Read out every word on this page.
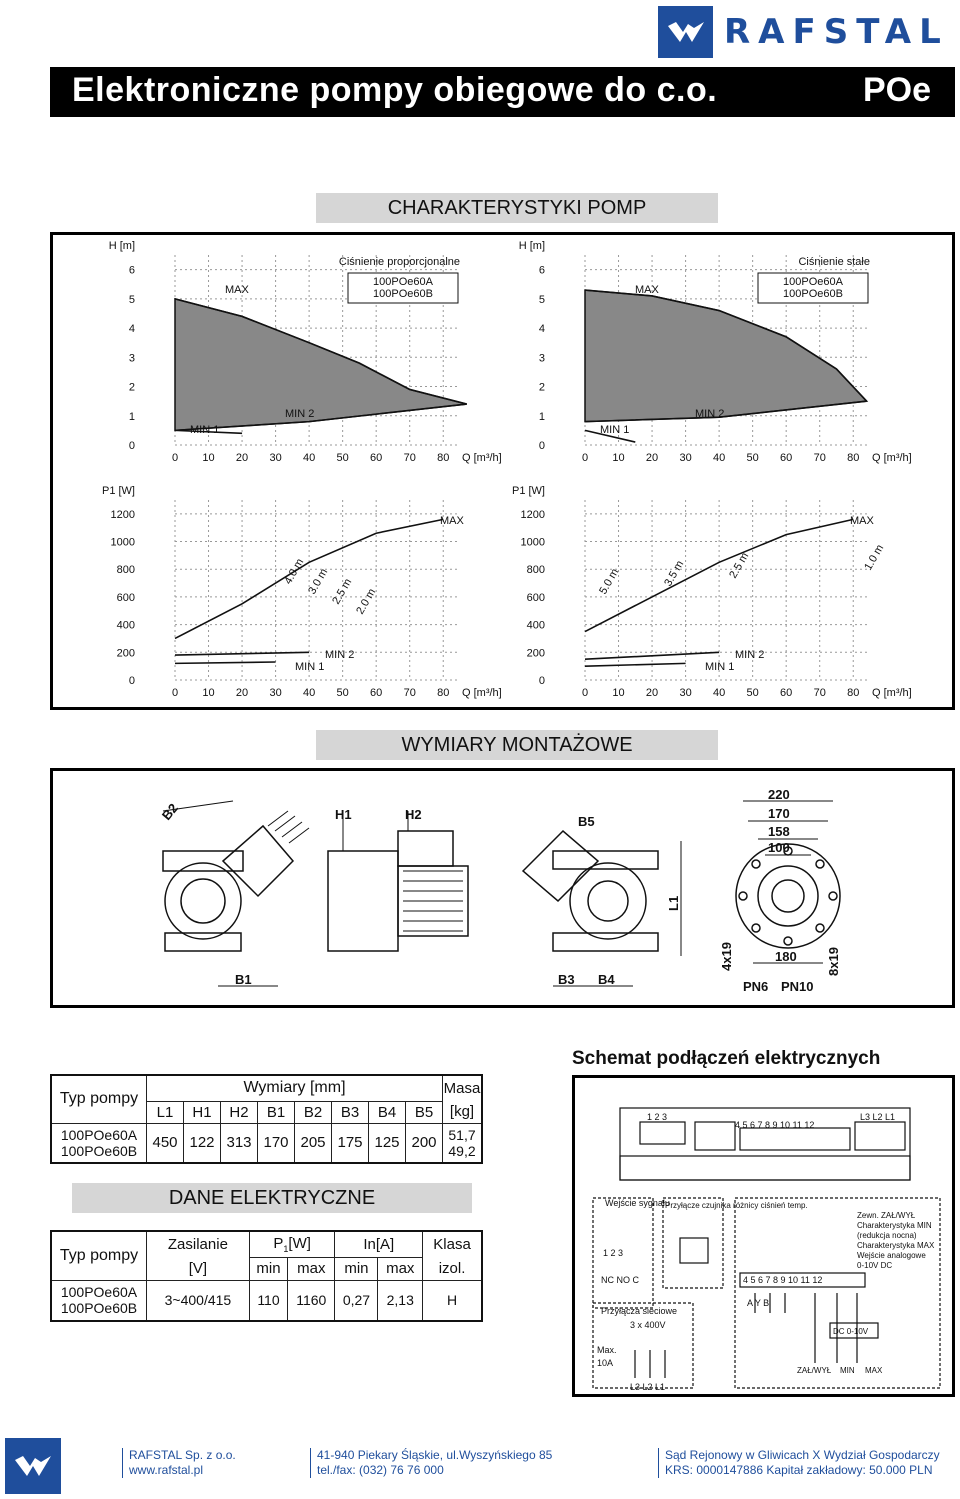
RAFSTAL
Elektroniczne pompy obiegowe do c.o.	POe
CHARAKTERYSTYKI POMP
0 10 20 30 40 50 60 70 80
0
1
2
3
4
5
6
Q [m³/h]
H [m]
Ciśnienie proporcjonalne
100POe60A
100POe60B
MAX
MIN 1
MIN 2
0 10 20 30 40 50 60 70 80
0
1
2
3
4
5
6
Q [m³/h]
H [m]
Ciśnienie stałe
100POe60A
100POe60B
MAX
MIN 1
MIN 2
0 10 20 30 40 50 60 70 80
0
200
400
600
800
1000
1200
Q [m³/h]
P1 [W]
MAX
MIN 1
MIN 2
4.0 m 3.0 m 2.5 m 2.0 m
0 10 20 30 40 50 60 70 80
0
200
400
600
800
1000
1200
Q [m³/h]
P1 [W]
MAX
MIN 1
MIN 2
5.0 m	3.5 m	2.5 m	1.0 m
WYMIARY MONTAŻOWE
B2	H1	H2
B1
B5
B3 B4
L1
220
170
158
100
4x19	180 8x19
PN6 PN10
Typ pompy	Wymiary [mm]								Masa
	L1	H1	H2	B1	B2	B3	B4	B5	[kg]
100POe60A
100POe60B	450	122	313	170	205	175	125	200	51,7
49,2
DANE ELEKTRYCZNE
Typ pompy	Zasilanie	$P_1[W]$		In[A]		Klasa
	[V]	min	max	min	max	izol.
100POe60A
100POe60B	3~400/415	110	1160	0,27	2,13	H
Schemat podłączeń elektrycznych
1 2 3
4 5 6 7 8 9 10 11 12
L3 L2 L1
Wejście sygnału
Przyłącze czujnika różnicy ciśnień temp.
1 2 3
NC NO C
Przyłącza sieciowe
3 x 400V
Max.
10A
L3 L2 L1
Zewn. ZAŁ/WYŁ
Charakterystyka MIN
(redukcja nocna)
Charakterystyka MAX
Wejście analogowe
0-10V DC
4 5 6 7 8 9 10 11 12
A Y B
DC 0-10V
ZAŁ/WYŁ MIN MAX
RAFSTAL Sp. z o.o.
www.rafstal.pl
41-940 Piekary Śląskie, ul.Wyszyńskiego 85
tel./fax: (032) 76 76 000
Sąd Rejonowy w Gliwicach X Wydział Gospodarczy
KRS: 0000147886 Kapitał zakładowy: 50.000 PLN
